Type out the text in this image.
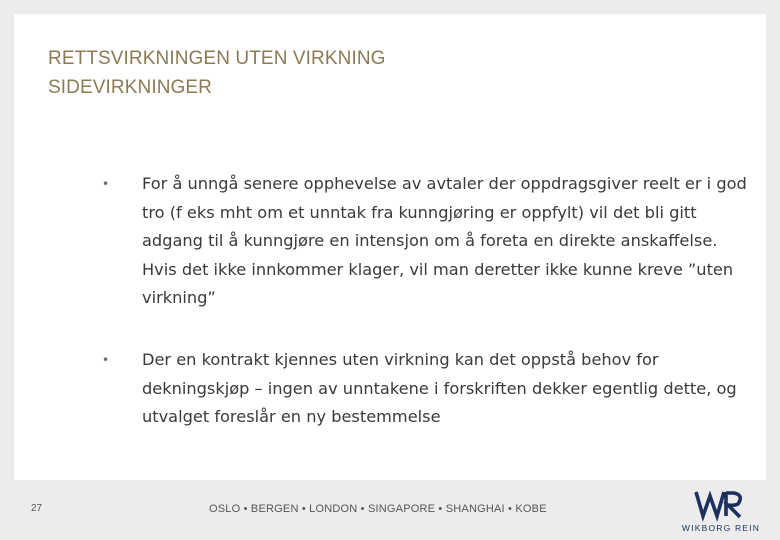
RETTSVIRKNINGEN UTEN VIRKNING
SIDEVIRKNINGER
• For å unngå senere opphevelse av avtaler der oppdragsgiver reelt er i god tro (f eks mht om et unntak fra kunngjøring er oppfylt) vil det bli gitt adgang til å kunngjøre en intensjon om å foreta en direkte anskaffelse. Hvis det ikke innkommer klager, vil man deretter ikke kunne kreve ”uten virkning”
• Der en kontrakt kjennes uten virkning kan det oppstå behov for dekningskjøp – ingen av unntakene i forskriften dekker egentlig dette, og utvalget foreslår en ny bestemmelse
27	OSLO • BERGEN • LONDON • SINGAPORE • SHANGHAI • KOBE
WIKBORG REIN
